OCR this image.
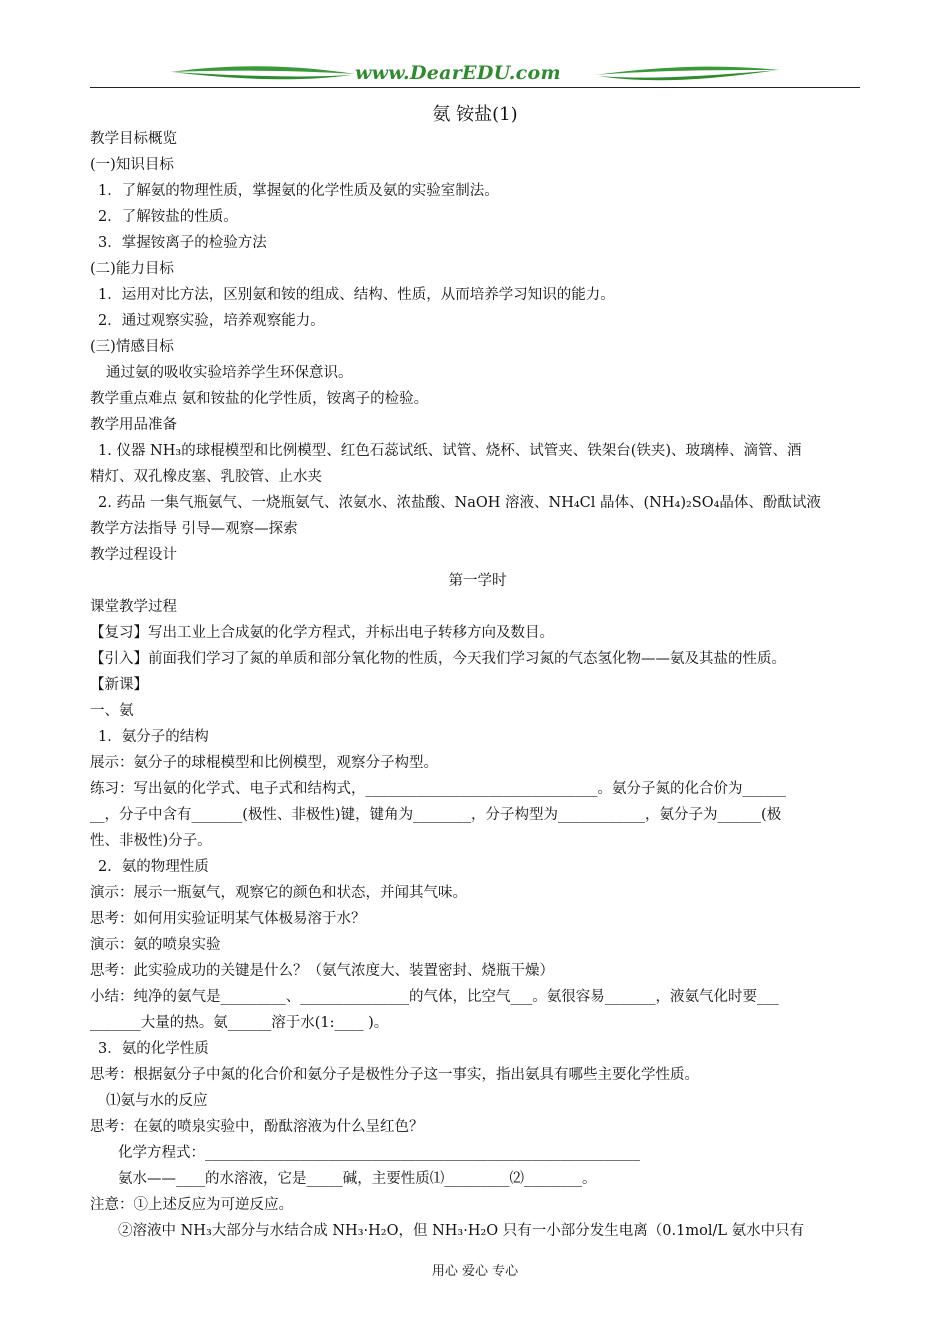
www.DearEDU.com
氨 铵盐(1)

教学目标概览

(一)知识目标

1．了解氨的物理性质，掌握氨的化学性质及氨的实验室制法。

2．了解铵盐的性质。

3．掌握铵离子的检验方法

(二)能力目标

1．运用对比方法，区别氨和铵的组成、结构、性质，从而培养学习知识的能力。

2．通过观察实验，培养观察能力。

(三)情感目标

通过氨的吸收实验培养学生环保意识。

教学重点难点 氨和铵盐的化学性质，铵离子的检验。

教学用品准备

1. 仪器 NH₃的球棍模型和比例模型、红色石蕊试纸、试管、烧杯、试管夹、铁架台(铁夹)、玻璃棒、滴管、酒

精灯、双孔橡皮塞、乳胶管、止水夹

2. 药品 一集气瓶氨气、一烧瓶氨气、浓氨水、浓盐酸、NaOH 溶液、NH₄Cl 晶体、(NH₄)₂SO₄晶体、酚酞试液

教学方法指导 引导—观察—探索

教学过程设计

第一学时

课堂教学过程

【复习】写出工业上合成氨的化学方程式，并标出电子转移方向及数目。

【引入】前面我们学习了氮的单质和部分氧化物的性质，今天我们学习氮的气态氢化物——氨及其盐的性质。

【新课】

一、氨

1．氨分子的结构

展示：氨分子的球棍模型和比例模型，观察分子构型。

练习：写出氨的化学式、电子式和结构式，________________________________。氨分子氮的化合价为______

__，分子中含有_______(极性、非极性)键，键角为________，分子构型为____________，氨分子为______(极

性、非极性)分子。

2．氨的物理性质

演示：展示一瓶氨气，观察它的颜色和状态，并闻其气味。

思考：如何用实验证明某气体极易溶于水？

演示：氨的喷泉实验

思考：此实验成功的关键是什么？（氨气浓度大、装置密封、烧瓶干燥）

小结：纯净的氨气是_________、_______________的气体，比空气___。氨很容易_______，液氨气化时要___

_______大量的热。氨______溶于水(1:____ )。

3．氨的化学性质

思考：根据氨分子中氮的化合价和氨分子是极性分子这一事实，指出氨具有哪些主要化学性质。

⑴氨与水的反应

思考：在氨的喷泉实验中，酚酞溶液为什么呈红色？

化学方程式：____________________________________________________________

氨水——____的水溶液，它是_____碱，主要性质⑴_________⑵________。

注意：①上述反应为可逆反应。

②溶液中 NH₃大部分与水结合成 NH₃·H₂O，但 NH₃·H₂O 只有一小部分发生电离（0.1mol/L 氨水中只有

用心 爱心 专心
